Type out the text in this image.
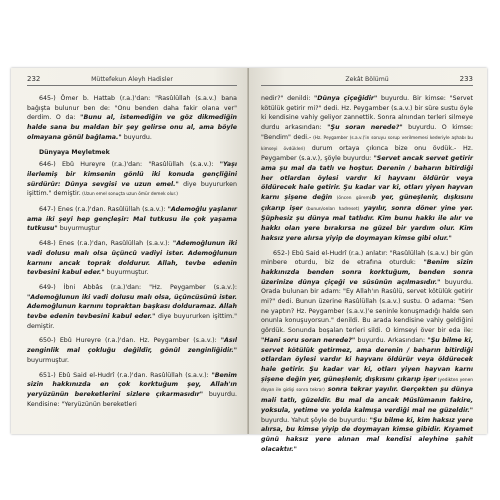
232	Müttefekun Aleyh Hadisler

645-) Ömer b. Hattab (r.a.)'dan: "Rasûlüllah (s.a.v.) bana bağışta bulunur ben de: "Onu benden daha fakir olana ver" derdim. O da: "Bunu al, istemediğin ve göz dikmediğin halde sana bu maldan bir şey gelirse onu al, ama böyle olmayana gönül bağlama." buyurdu.

Dünyaya Meyletmek

646-) Ebû Hureyre (r.a.)'dan: "Rasûlüllah (s.a.v.): "Yaşı ilerlemiş bir kimsenin gönlü iki konuda gençliğini sürdürür: Dünya sevgisi ve uzun emel." diye buyururken işittim." demiştir. (Uzun emel sonuçta uzun ömür demek olur.)

647-) Enes (r.a.)'dan. Rasûlüllah (s.a.v.): "Ademoğlu yaşlanır ama iki şeyi hep gençleşir: Mal tutkusu ile çok yaşama tutkusu" buyurmuştur

648-) Enes (r.a.)'dan, Rasûlüllah (s.a.v.): "Ademoğlunun iki vadi dolusu malı olsa üçüncü vadiyi ister. Ademoğlunun karnını ancak toprak doldurur. Allah, tevbe edenin tevbesini kabul eder." buyurmuştur.

649-) İbni Abbâs (r.a.)'dan: "Hz. Peygamber (s.a.v.): "Ademoğlunun iki vadi dolusu malı olsa, üçüncüsünü ister. Ademoğlunun karnını topraktan başkası dolduramaz. Allah tevbe edenin tevbesini kabul eder." diye buyururken işittim." demiştir.

650-) Ebû Hureyre (r.a.)'dan. Hz. Peygamber (s.a.v.): "Asıl zenginlik mal çokluğu değildir, gönül zenginliğidir." buyurmuştur.

651-) Ebû Said el-Hudrî (r.a.)'dan. Rasûlüllah (s.a.v.): "Benim sizin hakkınızda en çok korktuğum şey, Allah'ın yeryüzünün bereketlerini sizlere çıkarmasıdır" buyurdu. Kendisine: "Yeryüzünün bereketleri

Zekât Bölümü	233

nedir?" denildi: "Dünya çiçeğidir" buyurdu. Bir kimse: "Servet kötülük getirir mi?" dedi. Hz. Peygamber (s.a.v.) bir süre sustu öyle ki kendisine vahiy geliyor zannettik. Sonra alnından terleri silmeye durdu arkasından: "Şu soran nerede?" buyurdu. O kimse: "Bendim" dedi.- (Hz. Peygamber (s.a.v.)'in soruyu sorup verilmemesi kederiyle aşhabı bu kimseyi övdükleri) durum ortaya çıkınca bize onu övdük.- Hz. Peygamber (s.a.v.), şöyle buyurdu: "Servet ancak servet getirir ama şu mal da tatlı ve hoştur. Derenin / baharın bitirdiği her otlardan öylesi vardır ki hayvanı öldürür veya öldürecek hale getirir. Şu kadar var ki, otları yiyen hayvan karnı şişene değin (öncen görem)b yer, güneşlenir, dışkısını çıkarıp işer (bunun/onları hadreset) yayılır, sonra döner yine yer. Şüphesiz şu dünya mal tatlıdır. Kim bunu hakkı ile alır ve hakkı olan yere bırakırsa ne güzel bir yardım olur. Kim haksız yere alırsa yiyip de doymayan kimse gibi olur."

652-) Ebû Said el-Hudrî (r.a.) anlatır: "Rasûlüllah (s.a.v.) bir gün minbere oturdu, biz de etrafına oturduk: "Benim sizin hakkınızda benden sonra korktuğum, benden sonra üzerinize dünya çiçeği ve süsünün açılmasıdır." buyurdu. Orada bulunan bir adam: "Ey Allah'ın Rasûlü, servet kötülük getirir mi?" dedi. Bunun üzerine Rasûlüllah (s.a.v.) sustu. O adama: "Sen ne yaptın? Hz. Peygamber (s.a.v.)'e seninle konuşmadığı halde sen onunla konuşuyorsun." denildi. Bu arada kendisine vahiy geldiğini gördük. Sonunda boşalan terleri sildi. O kimseyi över bir eda ile: "Hani soru soran nerede?" buyurdu. Arkasından: "Şu bilme ki, servet kötülük getirmez, ama derenin / baharın bitirdiği otlardan öylesi vardır ki hayvanı öldürür veya öldürecek hale getirir. Şu kadar var ki, otları yiyen hayvan karnı şişene değin yer, güneşlenir, dışkısını çıkarıp işer (yedikten yenen doyan ile gidişi sonra tekrar) sonra tekrar yayılır. Gerçekten şu dünya mali tatlı, güzeldir. Bu mal da ancak Müslümanın fakire, yoksula, yetime ve yolda kalmışa verdiği mal ne güzeldir." buyurdu. Yahut şöyle de buyurdu: "Şu bilme ki, kim haksız yere alırsa, bu kimse yiyip de doymayan kimse gibidir. Kıyamet günü haksız yere alınan mal kendisi aleyhine şahit olacaktır."
